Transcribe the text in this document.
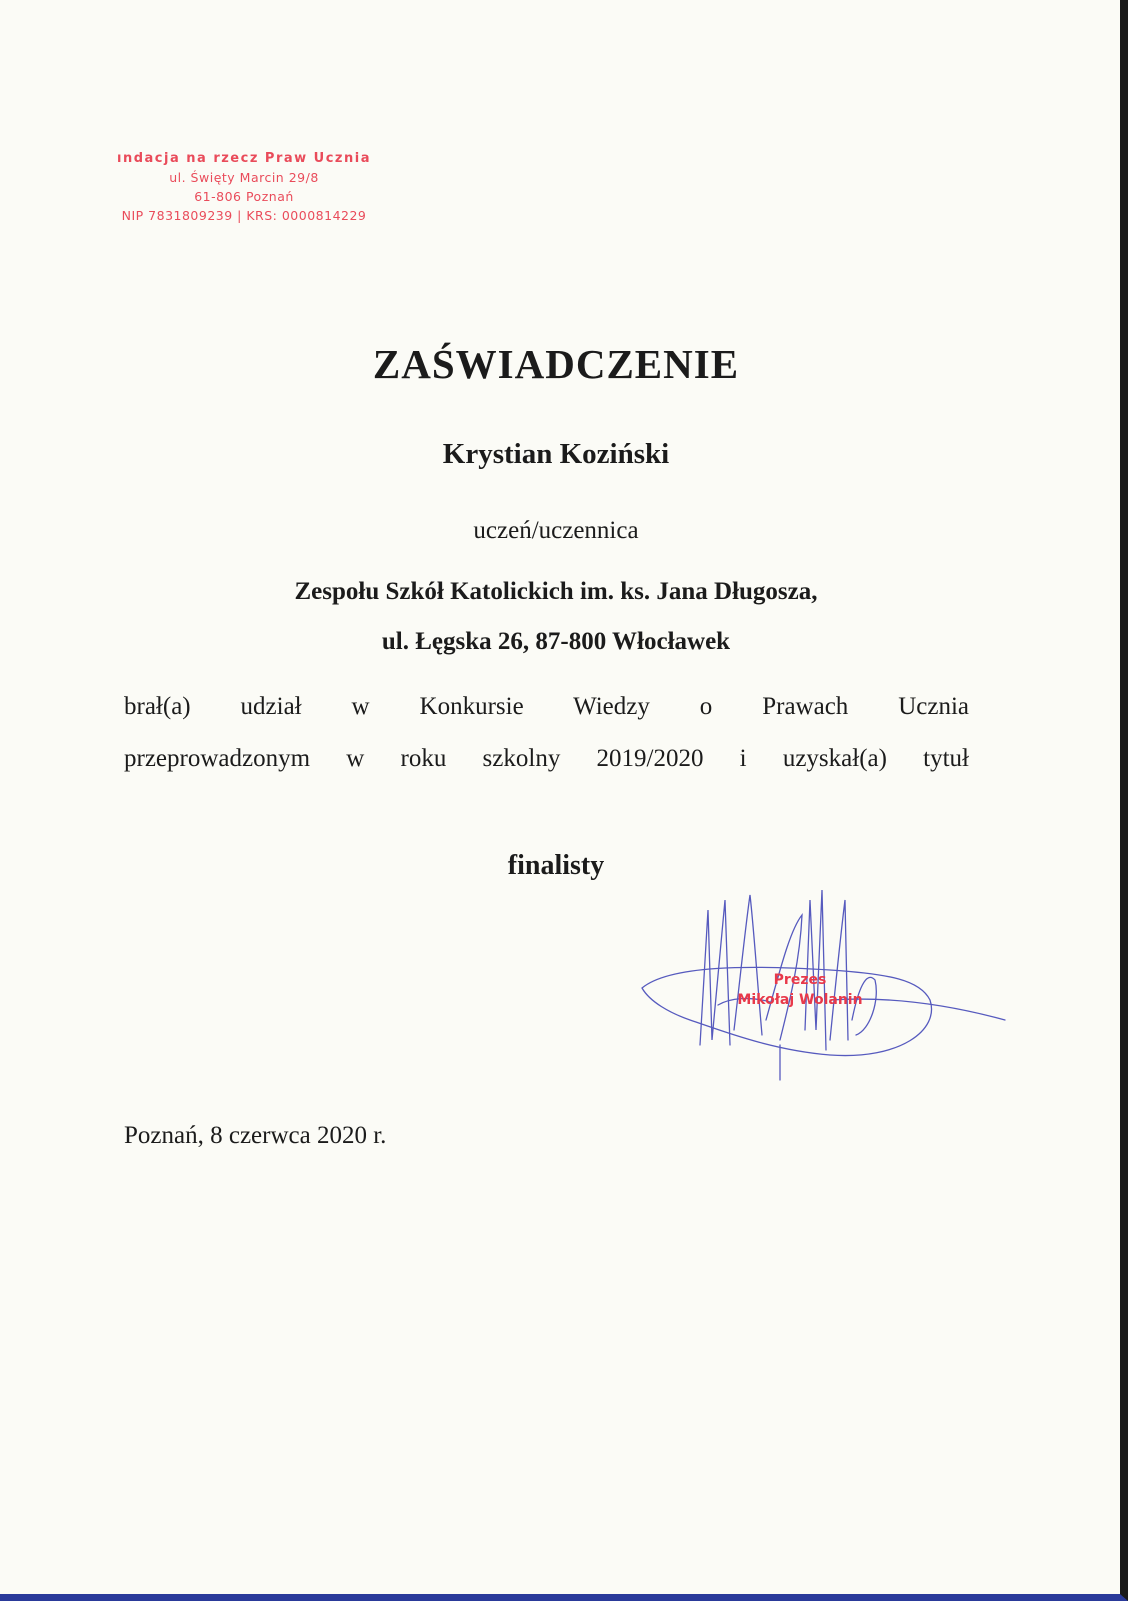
ındacja na rzecz Praw Ucznia
ul. Święty Marcin 29/8
61-806 Poznań
NIP 7831809239 | KRS: 0000814229
ZAŚWIADCZENIE
Krystian Koziński
uczeń/uczennica
Zespołu Szkół Katolickich im. ks. Jana Długosza,
ul. Łęgska 26, 87-800 Włocławek
brał(a) udział w Konkursie Wiedzy o Prawach Ucznia
przeprowadzonym w roku szkolny 2019/2020 i uzyskał(a) tytuł
finalisty
Prezes
Mikołaj Wolanin
Poznań, 8 czerwca 2020 r.
